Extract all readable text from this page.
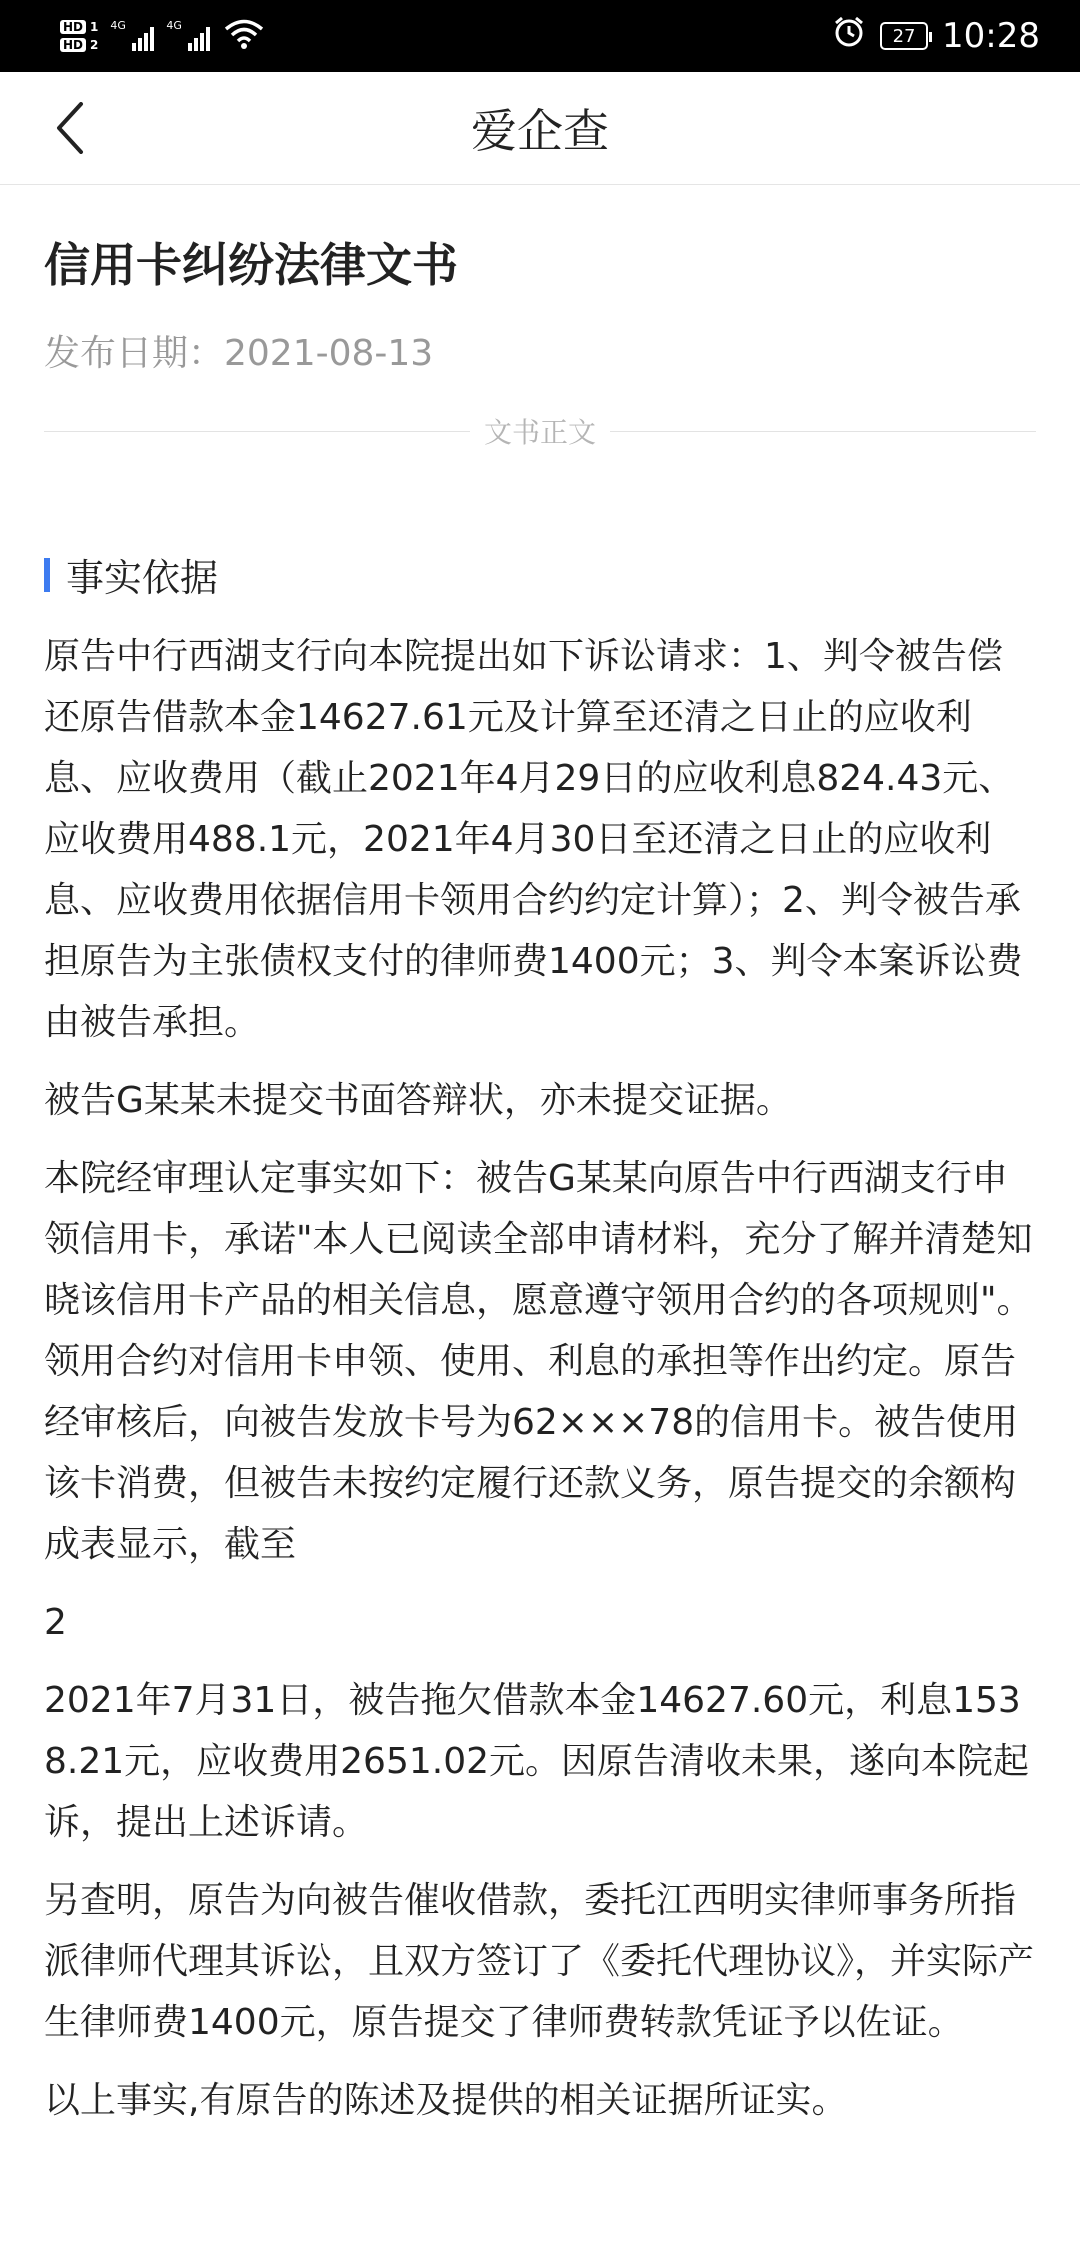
HD 1
HD 2
4G	4G	27 10:28
爱企查
信用卡纠纷法律文书
发布日期：2021-08-13
文书正文
事实依据

原告中行西湖支行向本院提出如下诉讼请求：1、判令被告偿还原告借款本金14627.61元及计算至还清之日止的应收利息、应收费用（截止2021年4月29日的应收利息824.43元、应收费用488.1元，2021年4月30日至还清之日止的应收利息、应收费用依据信用卡领用合约约定计算）；2、判令被告承担原告为主张债权支付的律师费1400元；3、判令本案诉讼费由被告承担。

被告G某某未提交书面答辩状，亦未提交证据。

本院经审理认定事实如下：被告G某某向原告中行西湖支行申领信用卡，承诺"本人已阅读全部申请材料，充分了解并清楚知晓该信用卡产品的相关信息，愿意遵守领用合约的各项规则"。领用合约对信用卡申领、使用、利息的承担等作出约定。原告经审核后，向被告发放卡号为62×××78的信用卡。被告使用该卡消费，但被告未按约定履行还款义务，原告提交的余额构成表显示，截至

2

2021年7月31日，被告拖欠借款本金14627.60元，利息1538.21元，应收费用2651.02元。因原告清收未果，遂向本院起诉，提出上述诉请。

另查明，原告为向被告催收借款，委托江西明实律师事务所指派律师代理其诉讼，且双方签订了《委托代理协议》，并实际产生律师费1400元，原告提交了律师费转款凭证予以佐证。

以上事实,有原告的陈述及提供的相关证据所证实。
